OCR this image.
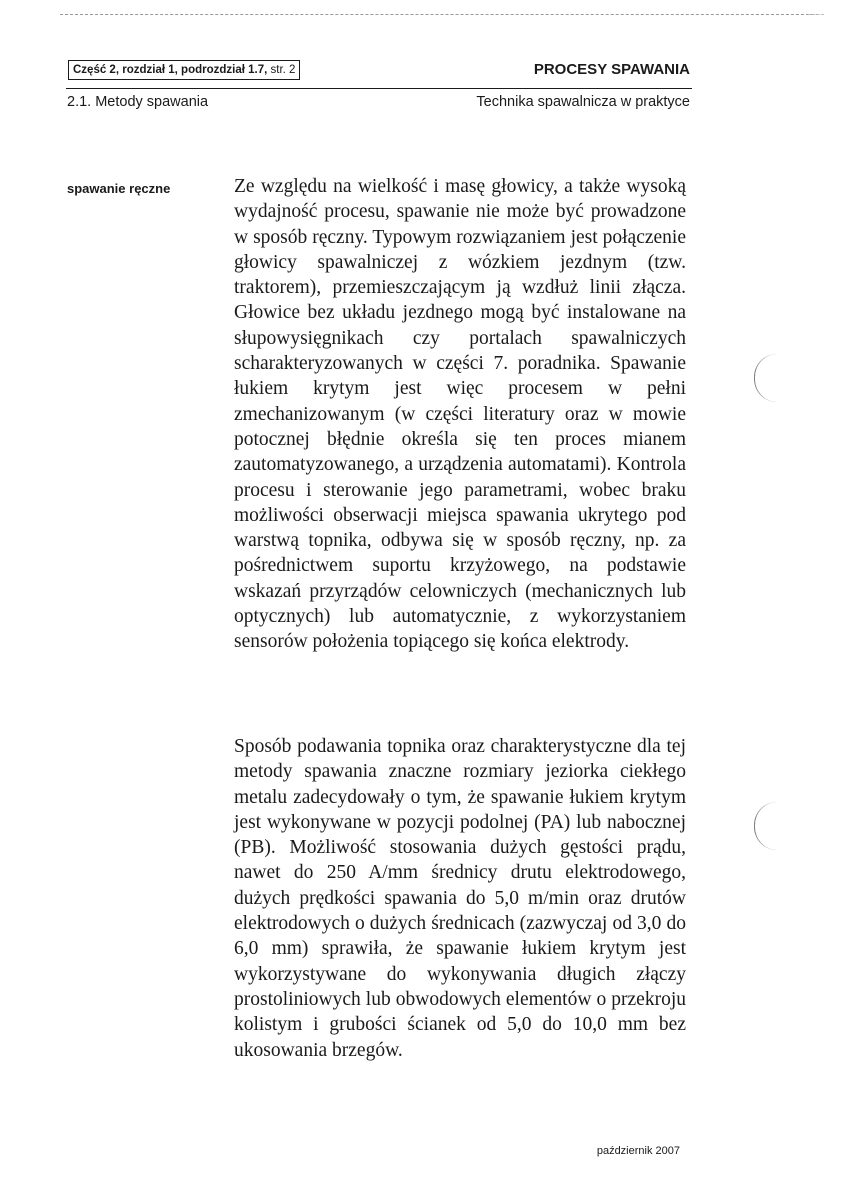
Część 2, rozdział 1, podrozdział 1.7, str. 2	PROCESY SPAWANIA
2.1. Metody spawania	Technika spawalnicza w praktyce
spawanie ręczne	Ze względu na wielkość i masę głowicy, a także wysoką wydajność procesu, spawanie nie może być prowadzone w sposób ręczny. Typowym rozwiązaniem jest połączenie głowicy spawalniczej z wózkiem jezdnym (tzw. traktorem), przemieszczającym ją wzdłuż linii złącza. Głowice bez układu jezdnego mogą być instalowane na słupowysięgnikach czy portalach spawalniczych scharakteryzowanych w części 7. poradnika. Spawanie łukiem krytym jest więc procesem w pełni zmechanizowanym (w części literatury oraz w mowie potocznej błędnie określa się ten proces mianem zautomatyzowanego, a urządzenia automatami). Kontrola procesu i sterowanie jego parametrami, wobec braku możliwości obserwacji miejsca spawania ukrytego pod warstwą topnika, odbywa się w sposób ręczny, np. za pośrednictwem suportu krzyżowego, na podstawie wskazań przyrządów celowniczych (mechanicznych lub optycznych) lub automatycznie, z wykorzystaniem sensorów położenia topiącego się końca elektrody.

Sposób podawania topnika oraz charakterystyczne dla tej metody spawania znaczne rozmiary jeziorka ciekłego metalu zadecydowały o tym, że spawanie łukiem krytym jest wykonywane w pozycji podolnej (PA) lub nabocznej (PB). Możliwość stosowania dużych gęstości prądu, nawet do 250 A/mm średnicy drutu elektrodowego, dużych prędkości spawania do 5,0 m/min oraz drutów elektrodowych o dużych średnicach (zazwyczaj od 3,0 do 6,0 mm) sprawiła, że spawanie łukiem krytym jest wykorzystywane do wykonywania długich złączy prostoliniowych lub obwodowych elementów o przekroju kolistym i grubości ścianek od 5,0 do 10,0 mm bez ukosowania brzegów.

październik 2007
